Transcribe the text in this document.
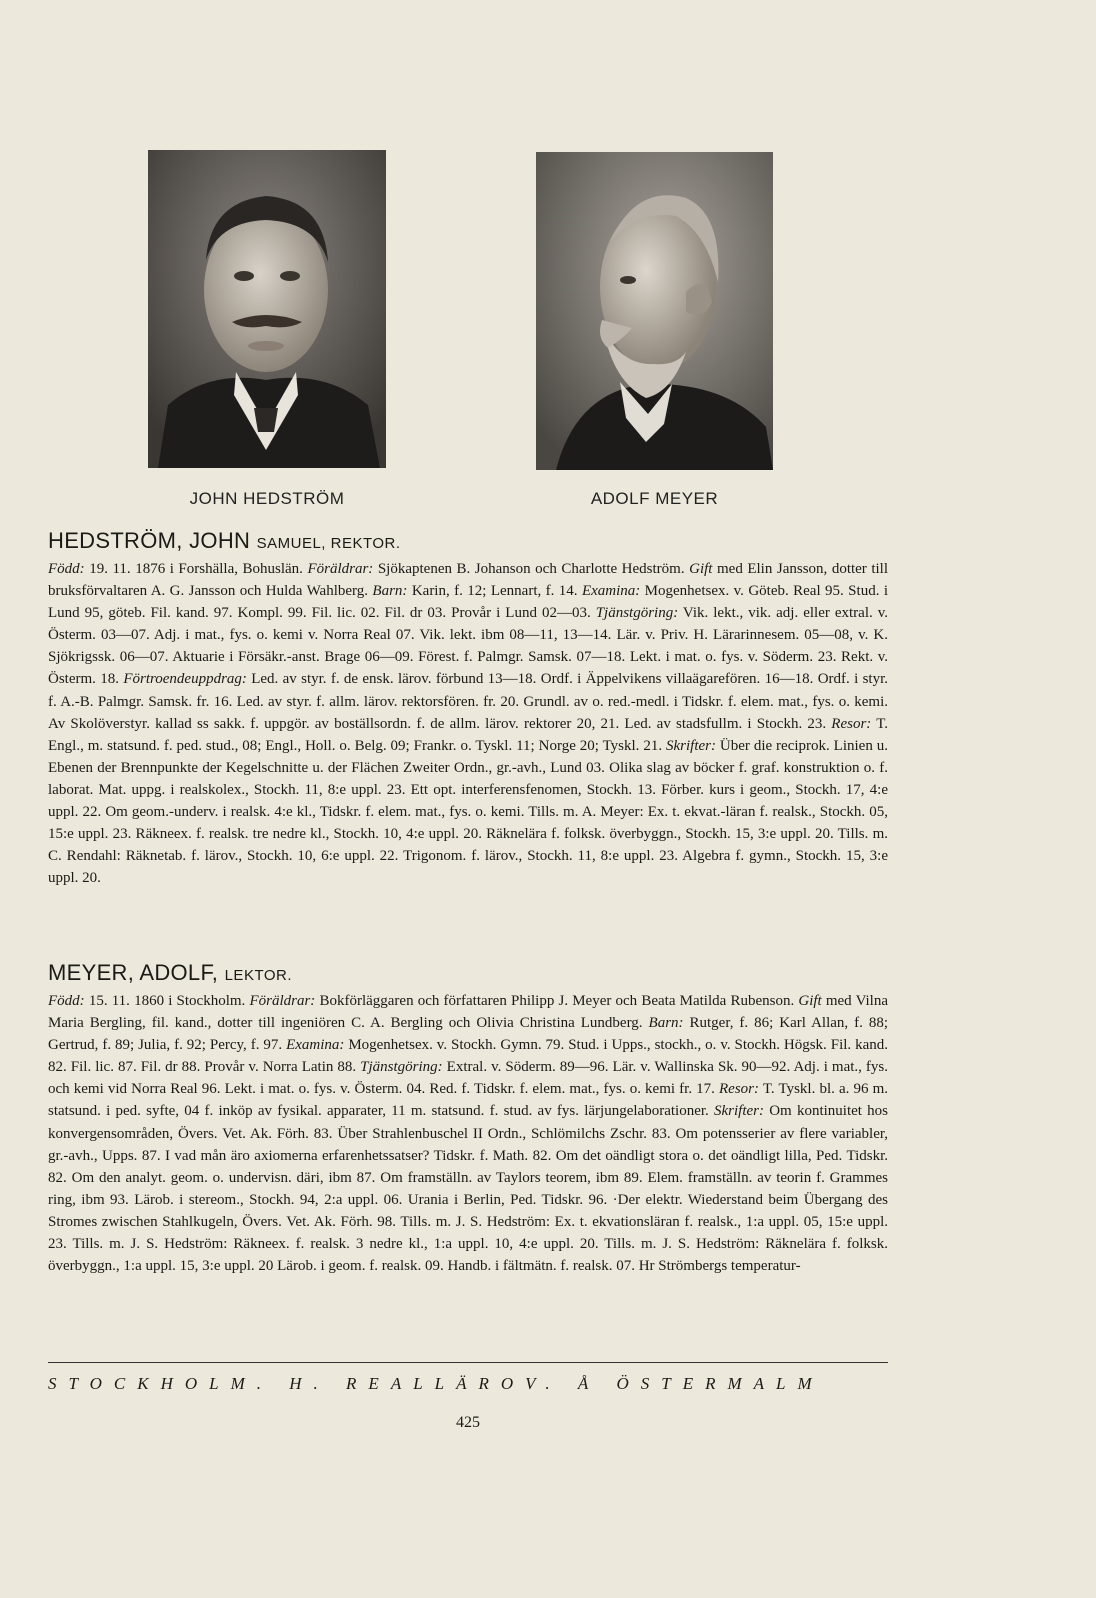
JOHN HEDSTRÖM	ADOLF MEYER
HEDSTRÖM, JOHN SAMUEL, REKTOR.
Född: 19. 11. 1876 i Forshälla, Bohuslän. Föräldrar: Sjökaptenen B. Johanson och Charlotte Hedström. Gift med Elin Jansson, dotter till bruksförvaltaren A. G. Jansson och Hulda Wahlberg. Barn: Karin, f. 12; Lennart, f. 14. Examina: Mogenhetsex. v. Göteb. Real 95. Stud. i Lund 95, göteb. Fil. kand. 97. Kompl. 99. Fil. lic. 02. Fil. dr 03. Provår i Lund 02—03. Tjänstgöring: Vik. lekt., vik. adj. eller extral. v. Österm. 03—07. Adj. i mat., fys. o. kemi v. Norra Real 07. Vik. lekt. ibm 08—11, 13—14. Lär. v. Priv. H. Lärarinnesem. 05—08, v. K. Sjökrigssk. 06—07. Aktuarie i Försäkr.-anst. Brage 06—09. Förest. f. Palmgr. Samsk. 07—18. Lekt. i mat. o. fys. v. Söderm. 23. Rekt. v. Österm. 18. Förtroendeuppdrag: Led. av styr. f. de ensk. lärov. förbund 13—18. Ordf. i Äppelvikens villaägarefören. 16—18. Ordf. i styr. f. A.-B. Palmgr. Samsk. fr. 16. Led. av styr. f. allm. lärov. rektorsfören. fr. 20. Grundl. av o. red.-medl. i Tidskr. f. elem. mat., fys. o. kemi. Av Skolöverstyr. kallad ss sakk. f. uppgör. av boställsordn. f. de allm. lärov. rektorer 20, 21. Led. av stadsfullm. i Stockh. 23. Resor: T. Engl., m. statsund. f. ped. stud., 08; Engl., Holl. o. Belg. 09; Frankr. o. Tyskl. 11; Norge 20; Tyskl. 21. Skrifter: Über die reciprok. Linien u. Ebenen der Brennpunkte der Kegelschnitte u. der Flächen Zweiter Ordn., gr.-avh., Lund 03. Olika slag av böcker f. graf. konstruktion o. f. laborat. Mat. uppg. i realskolex., Stockh. 11, 8:e uppl. 23. Ett opt. interferensfenomen, Stockh. 13. Förber. kurs i geom., Stockh. 17, 4:e uppl. 22. Om geom.-underv. i realsk. 4:e kl., Tidskr. f. elem. mat., fys. o. kemi. Tills. m. A. Meyer: Ex. t. ekvat.-läran f. realsk., Stockh. 05, 15:e uppl. 23. Räkneex. f. realsk. tre nedre kl., Stockh. 10, 4:e uppl. 20. Räknelära f. folksk. överbyggn., Stockh. 15, 3:e uppl. 20. Tills. m. C. Rendahl: Räknetab. f. lärov., Stockh. 10, 6:e uppl. 22. Trigonom. f. lärov., Stockh. 11, 8:e uppl. 23. Algebra f. gymn., Stockh. 15, 3:e uppl. 20.
MEYER, ADOLF, LEKTOR.
Född: 15. 11. 1860 i Stockholm. Föräldrar: Bokförläggaren och författaren Philipp J. Meyer och Beata Matilda Rubenson. Gift med Vilna Maria Bergling, fil. kand., dotter till ingeniören C. A. Bergling och Olivia Christina Lundberg. Barn: Rutger, f. 86; Karl Allan, f. 88; Gertrud, f. 89; Julia, f. 92; Percy, f. 97. Examina: Mogenhetsex. v. Stockh. Gymn. 79. Stud. i Upps., stockh., o. v. Stockh. Högsk. Fil. kand. 82. Fil. lic. 87. Fil. dr 88. Provår v. Norra Latin 88. Tjänstgöring: Extral. v. Söderm. 89—96. Lär. v. Wallinska Sk. 90—92. Adj. i mat., fys. och kemi vid Norra Real 96. Lekt. i mat. o. fys. v. Österm. 04. Red. f. Tidskr. f. elem. mat., fys. o. kemi fr. 17. Resor: T. Tyskl. bl. a. 96 m. statsund. i ped. syfte, 04 f. inköp av fysikal. apparater, 11 m. statsund. f. stud. av fys. lärjungelaborationer. Skrifter: Om kontinuitet hos konvergensområden, Övers. Vet. Ak. Förh. 83. Über Strahlenbuschel II Ordn., Schlömilchs Zschr. 83. Om potensserier av flere variabler, gr.-avh., Upps. 87. I vad mån äro axiomerna erfarenhetssatser? Tidskr. f. Math. 82. Om det oändligt stora o. det oändligt lilla, Ped. Tidskr. 82. Om den analyt. geom. o. undervisn. däri, ibm 87. Om framställn. av Taylors teorem, ibm 89. Elem. framställn. av teorin f. Grammes ring, ibm 93. Lärob. i stereom., Stockh. 94, 2:a uppl. 06. Urania i Berlin, Ped. Tidskr. 96. ·Der elektr. Wiederstand beim Übergang des Stromes zwischen Stahlkugeln, Övers. Vet. Ak. Förh. 98. Tills. m. J. S. Hedström: Ex. t. ekvationsläran f. realsk., 1:a uppl. 05, 15:e uppl. 23. Tills. m. J. S. Hedström: Räkneex. f. realsk. 3 nedre kl., 1:a uppl. 10, 4:e uppl. 20. Tills. m. J. S. Hedström: Räknelära f. folksk. överbyggn., 1:a uppl. 15, 3:e uppl. 20 Lärob. i geom. f. realsk. 09. Handb. i fältmätn. f. realsk. 07. Hr Strömbergs temperatur-
STOCKHOLM. H. REALLÄROV. Å ÖSTERMALM
425
